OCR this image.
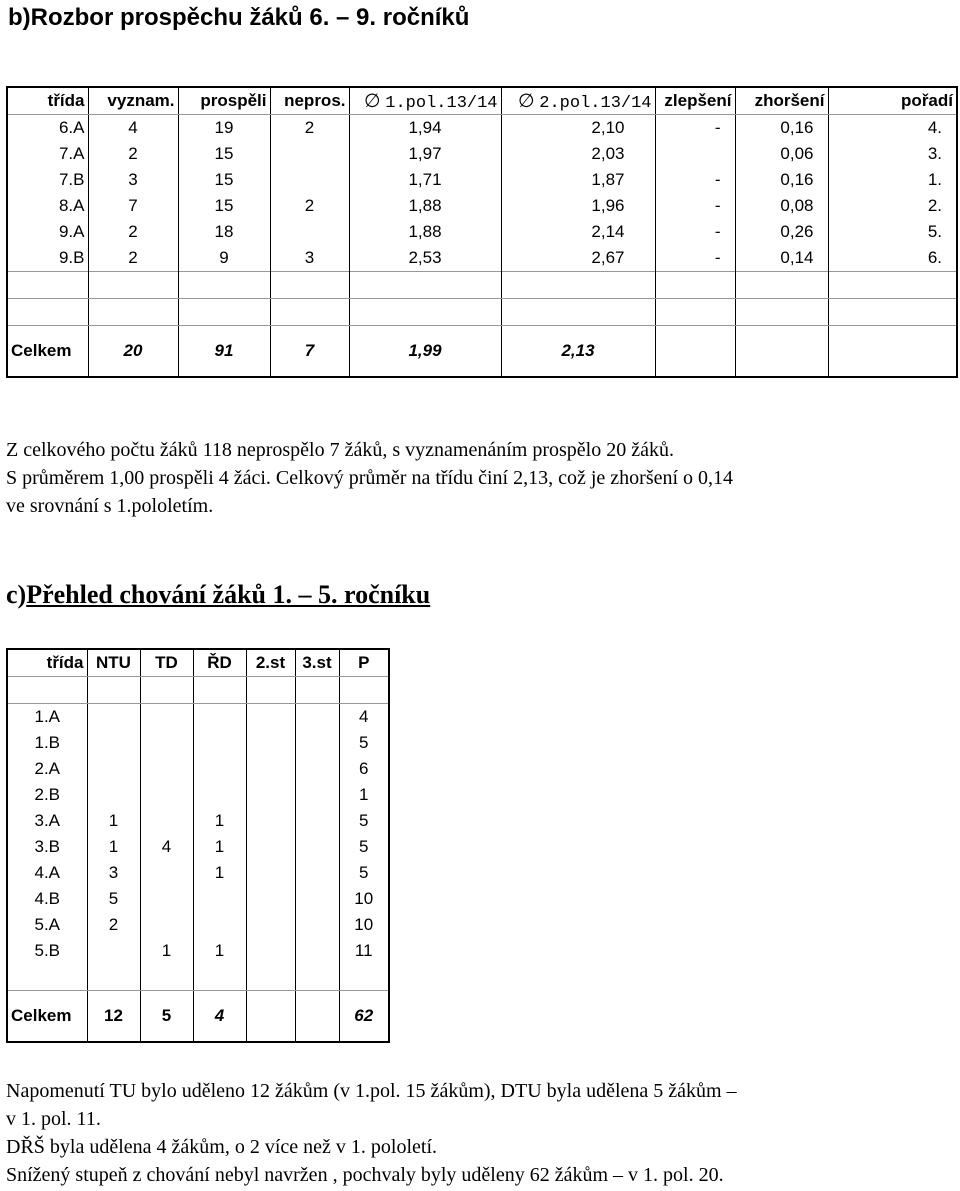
b)Rozbor prospěchu žáků 6. – 9. ročníků
třída	vyznam.	prospěli	nepros.	∅ 1.pol.13/14	∅ 2.pol.13/14	zlepšení	zhoršení	pořadí
6.A	4	19	2	1,94	2,10	-	0,16	4.
7.A	2	15		1,97	2,03		0,06	3.
7.B	3	15		1,71	1,87	-	0,16	1.
8.A	7	15	2	1,88	1,96	-	0,08	2.
9.A	2	18		1,88	2,14	-	0,26	5.
9.B	2	9	3	2,53	2,67	-	0,14	6.

Celkem	20	91	7	1,99	2,13			
Z celkového počtu žáků 118 neprospělo 7 žáků, s vyznamenáním prospělo 20 žáků.
S průměrem 1,00 prospěli 4 žáci. Celkový průměr na třídu činí 2,13, což je zhoršení o 0,14
ve srovnání s 1.pololetím.
c)Přehled chování žáků 1. – 5. ročníku
třída	NTU	TD	ŘD	2.st	3.st	P

1.A						4
1.B						5
2.A						6
2.B						1
3.A	1		1			5
3.B	1	4	1			5
4.A	3		1			5
4.B	5					10
5.A	2					10
5.B		1	1			11

Celkem	12	5	4			62
Napomenutí TU bylo uděleno 12 žákům (v 1.pol. 15 žákům), DTU byla udělena 5 žákům –
v 1. pol. 11.
DŘŠ byla udělena 4 žákům, o 2 více než v 1. pololetí.
Snížený stupeň z chování nebyl navržen , pochvaly byly uděleny 62 žákům – v 1. pol. 20.
